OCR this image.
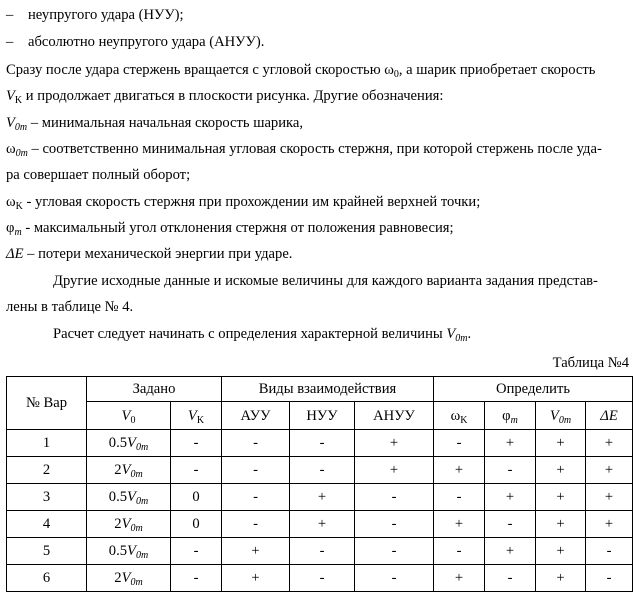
– неупругого удара (НУУ);
– абсолютно неупругого удара (АНУУ).
Сразу после удара стержень вращается с угловой скоростью $\omega_0$, а шарик приобретает скорость
$V_K$ и продолжает двигаться в плоскости рисунка. Другие обозначения:
$V_{0m}$ – минимальная начальная скорость шарика,
$\omega_{0m}$ – соответственно минимальная угловая скорость стержня, при которой стержень после уда-
ра совершает полный оборот;
$\omega_K$ - угловая скорость стержня при прохождении им крайней верхней точки;
$\varphi_m$ - максимальный угол отклонения стержня от положения равновесия;
ΔE – потери механической энергии при ударе.
Другие исходные данные и искомые величины для каждого варианта задания представ-
лены в таблице № 4.
Расчет следует начинать с определения характерной величины $V_{0m}$.
Таблица №4
№ Вар	Задано		Виды взаимодействия			Определить			
	$V_0$	$V_K$	АУУ	НУУ	АНУУ	$\omega_K$	$\varphi_m$	$V_{0m}$	ΔE
1	$0.5V_{0m}$	-	-	-	+	-	+	+	+
2	$2V_{0m}$	-	-	-	+	+	-	+	+
3	$0.5V_{0m}$	0	-	+	-	-	+	+	+
4	$2V_{0m}$	0	-	+	-	+	-	+	+
5	$0.5V_{0m}$	-	+	-	-	-	+	+	-
6	$2V_{0m}$	-	+	-	-	+	-	+	-
